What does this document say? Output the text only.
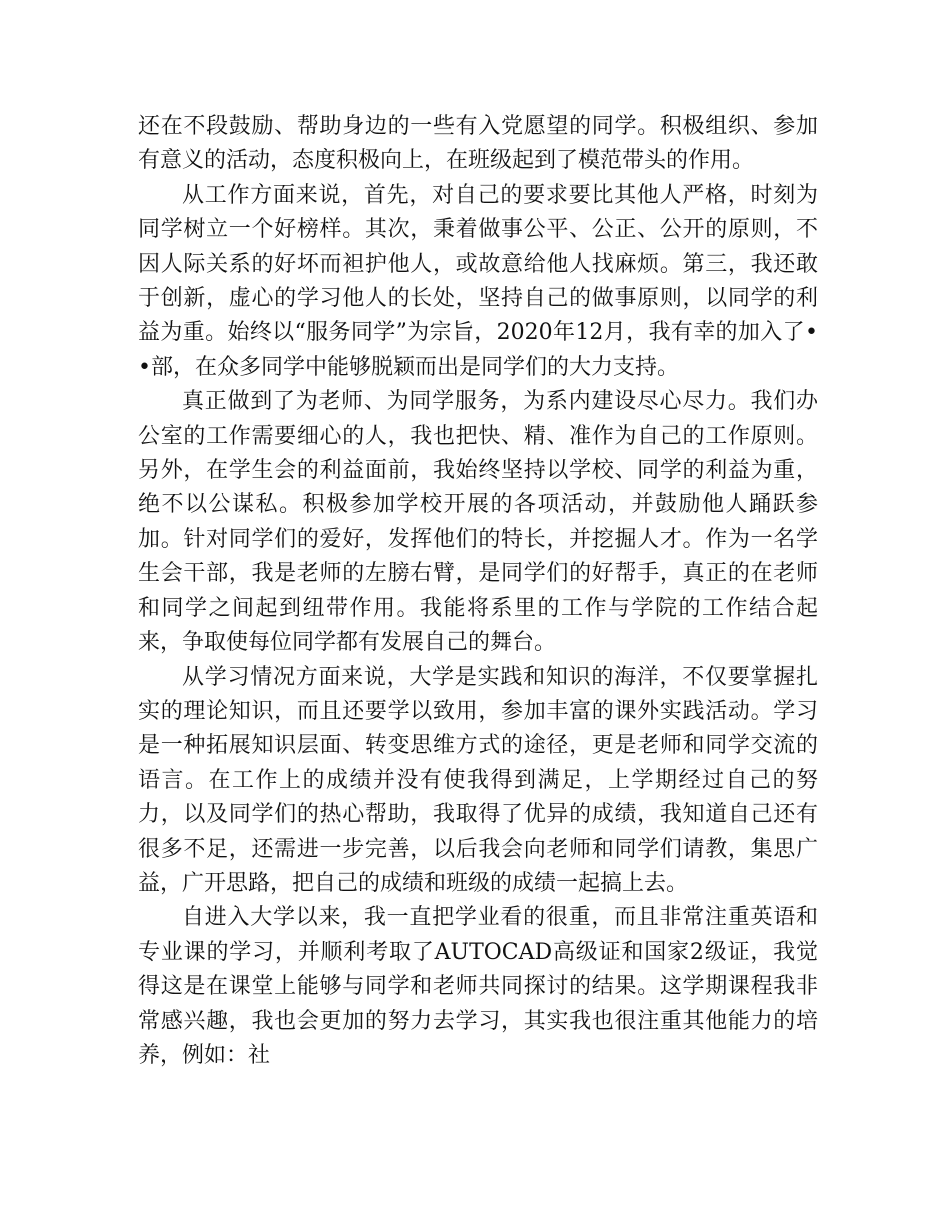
还在不段鼓励、帮助身边的一些有入党愿望的同学。积极组织、参加有意义的活动，态度积极向上，在班级起到了模范带头的作用。

从工作方面来说，首先，对自己的要求要比其他人严格，时刻为同学树立一个好榜样。其次，秉着做事公平、公正、公开的原则，不因人际关系的好坏而袒护他人，或故意给他人找麻烦。第三，我还敢于创新，虚心的学习他人的长处，坚持自己的做事原则，以同学的利益为重。始终以“服务同学”为宗旨，2020年12月，我有幸的加入了••部，在众多同学中能够脱颖而出是同学们的大力支持。

真正做到了为老师、为同学服务，为系内建设尽心尽力。我们办公室的工作需要细心的人，我也把快、精、准作为自己的工作原则。另外，在学生会的利益面前，我始终坚持以学校、同学的利益为重，绝不以公谋私。积极参加学校开展的各项活动，并鼓励他人踊跃参加。针对同学们的爱好，发挥他们的特长，并挖掘人才。作为一名学生会干部，我是老师的左膀右臂，是同学们的好帮手，真正的在老师和同学之间起到纽带作用。我能将系里的工作与学院的工作结合起来，争取使每位同学都有发展自己的舞台。

从学习情况方面来说，大学是实践和知识的海洋，不仅要掌握扎实的理论知识，而且还要学以致用，参加丰富的课外实践活动。学习是一种拓展知识层面、转变思维方式的途径，更是老师和同学交流的语言。在工作上的成绩并没有使我得到满足，上学期经过自己的努力，以及同学们的热心帮助，我取得了优异的成绩，我知道自己还有很多不足，还需进一步完善，以后我会向老师和同学们请教，集思广益，广开思路，把自己的成绩和班级的成绩一起搞上去。

自进入大学以来，我一直把学业看的很重，而且非常注重英语和专业课的学习，并顺利考取了AUTOCAD高级证和国家2级证，我觉得这是在课堂上能够与同学和老师共同探讨的结果。这学期课程我非常感兴趣，我也会更加的努力去学习，其实我也很注重其他能力的培养，例如：社
